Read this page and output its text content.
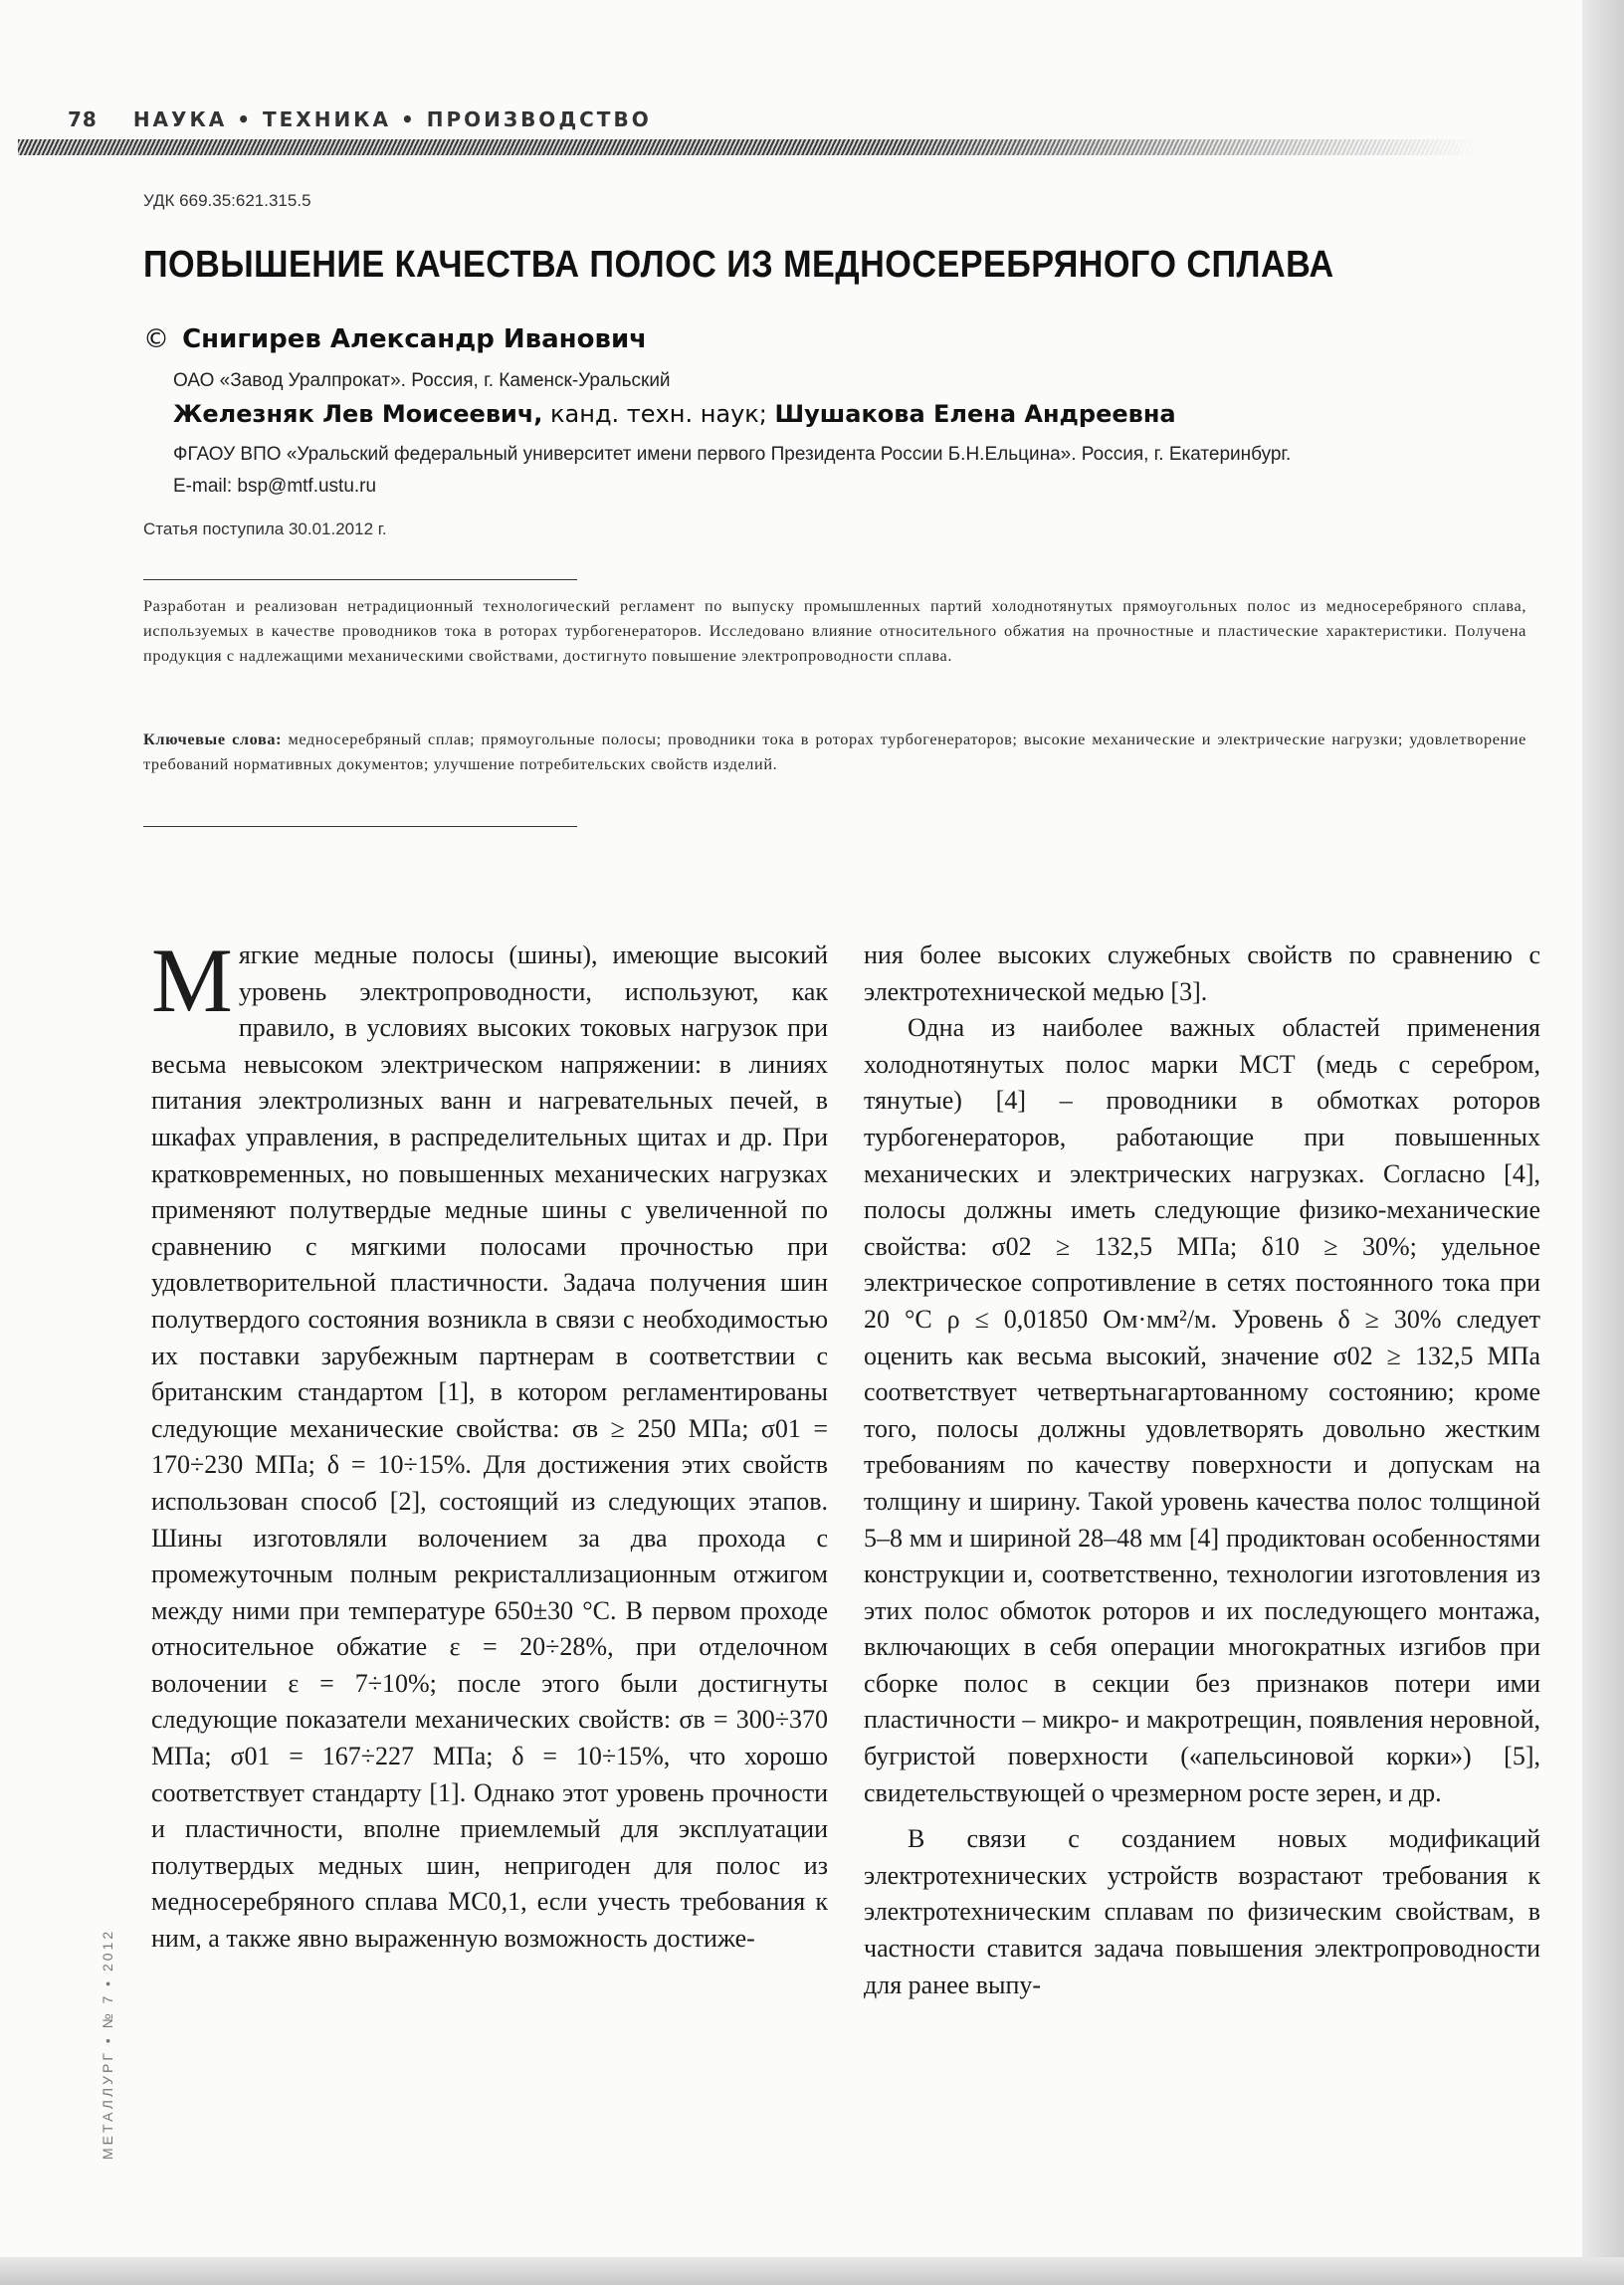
78 НАУКА • ТЕХНИКА • ПРОИЗВОДСТВО
УДК 669.35:621.315.5
ПОВЫШЕНИЕ КАЧЕСТВА ПОЛОС ИЗ МЕДНОСЕРЕБРЯНОГО СПЛАВА
© Снигирев Александр Иванович
ОАО «Завод Уралпрокат». Россия, г. Каменск-Уральский
Железняк Лев Моисеевич, канд. техн. наук; Шушакова Елена Андреевна
ФГАОУ ВПО «Уральский федеральный университет имени первого Президента России Б.Н.Ельцина». Россия, г. Екатеринбург.
E-mail: bsp@mtf.ustu.ru
Статья поступила 30.01.2012 г.
Разработан и реализован нетрадиционный технологический регламент по выпуску промышленных партий холоднотянутых прямоугольных полос из медносеребряного сплава, используемых в качестве проводников тока в роторах турбогенераторов. Исследовано влияние относительного обжатия на прочностные и пластические характеристики. Получена продукция с надлежащими механическими свойствами, достигнуто повышение электропроводности сплава.
Ключевые слова: медносеребряный сплав; прямоугольные полосы; проводники тока в роторах турбогенераторов; высокие механические и электрические нагрузки; удовлетворение требований нормативных документов; улучшение потребительских свойств изделий.

Мягкие медные полосы (шины), имеющие высокий уровень электропроводности, используют, как правило, в условиях высоких токовых нагрузок при весьма невысоком электрическом напряжении: в линиях питания электролизных ванн и нагревательных печей, в шкафах управления, в распределительных щитах и др. При кратковременных, но повышенных механических нагрузках применяют полутвердые медные шины с увеличенной по сравнению с мягкими полосами прочностью при удовлетворительной пластичности. Задача получения шин полутвердого состояния возникла в связи с необходимостью их поставки зарубежным партнерам в соответствии с британским стандартом [1], в котором регламентированы следующие механические свойства: σв ≥ 250 МПа; σ01 = 170÷230 МПа; δ = 10÷15%. Для достижения этих свойств использован способ [2], состоящий из следующих этапов. Шины изготовляли волочением за два прохода с промежуточным полным рекристаллизационным отжигом между ними при температуре 650±30 °С. В первом проходе относительное обжатие ε = 20÷28%, при отделочном волочении ε = 7÷10%; после этого были достигнуты следующие показатели механических свойств: σв = 300÷370 МПа; σ01 = 167÷227 МПа; δ = 10÷15%, что хорошо соответствует стандарту [1]. Однако этот уровень прочности и пластичности, вполне приемлемый для эксплуатации полутвердых медных шин, непригоден для полос из медносеребряного сплава МС0,1, если учесть требования к ним, а также явно выраженную возможность достиже-

ния более высоких служебных свойств по сравнению с электротехнической медью [3].

Одна из наиболее важных областей применения холоднотянутых полос марки МСТ (медь с серебром, тянутые) [4] – проводники в обмотках роторов турбогенераторов, работающие при повышенных механических и электрических нагрузках. Согласно [4], полосы должны иметь следующие физико-механические свойства: σ02 ≥ 132,5 МПа; δ10 ≥ 30%; удельное электрическое сопротивление в сетях постоянного тока при 20 °С ρ ≤ 0,01850 Ом·мм²/м. Уровень δ ≥ 30% следует оценить как весьма высокий, значение σ02 ≥ 132,5 МПа соответствует четвертьнагартованному состоянию; кроме того, полосы должны удовлетворять довольно жестким требованиям по качеству поверхности и допускам на толщину и ширину. Такой уровень качества полос толщиной 5–8 мм и шириной 28–48 мм [4] продиктован особенностями конструкции и, соответственно, технологии изготовления из этих полос обмоток роторов и их последующего монтажа, включающих в себя операции многократных изгибов при сборке полос в секции без признаков потери ими пластичности – микро- и макротрещин, появления неровной, бугристой поверхности («апельсиновой корки») [5], свидетельствующей о чрезмерном росте зерен, и др.

В связи с созданием новых модификаций электротехнических устройств возрастают требования к электротехническим сплавам по физическим свойствам, в частности ставится задача повышения электропроводности для ранее выпу-

МЕТАЛЛУРГ • № 7 • 2012
